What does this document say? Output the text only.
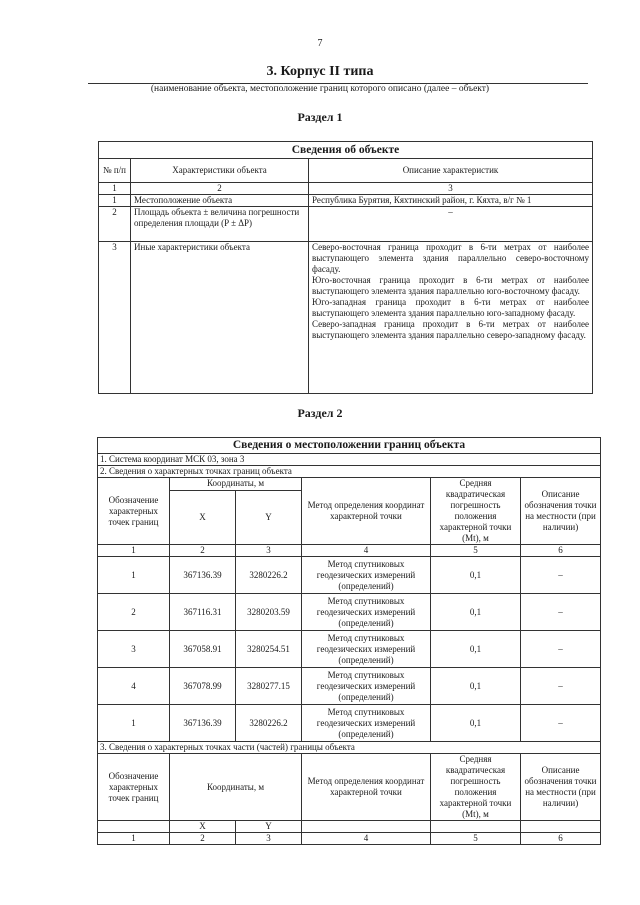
7
3. Корпус II типа
(наименование объекта, местоположение границ которого описано (далее – объект)
Раздел 1
Сведения об объекте		
№ п/п	Характеристики объекта	Описание характеристик
1	2	3
1	Местоположение объекта	Республика Бурятия, Кяхтинский район, г. Кяхта, в/г № 1
2	Площадь объекта ± величина погрешности определения площади (P ± ΔP)	–
3	Иные характеристики объекта	Северо-восточная граница проходит в 6-ти метрах от наиболее выступающего элемента здания параллельно северо-восточному фасаду.

Юго-восточная граница проходит в 6-ти метрах от наиболее выступающего элемента здания параллельно юго-восточному фасаду.

Юго-западная граница проходит в 6-ти метрах от наиболее выступающего элемента здания параллельно юго-западному фасаду.

Северо-западная граница проходит в 6-ти метрах от наиболее выступающего элемента здания параллельно северо-западному фасаду.

Раздел 2
Сведения о местоположении границ объекта					
1. Система координат МСК 03, зона 3					
2. Сведения о характерных точках границ объекта					
Обозначение характерных точек границ	Координаты, м		Метод определения координат характерной точки	Средняя квадратическая погрешность положения характерной точки (Mt), м	Описание обозначения точки на местности (при наличии)
	X	Y			
1	2	3	4	5	6
1	367136.39	3280226.2	Метод спутниковых геодезических измерений (определений)	0,1	–
2	367116.31	3280203.59	Метод спутниковых геодезических измерений (определений)	0,1	–
3	367058.91	3280254.51	Метод спутниковых геодезических измерений (определений)	0,1	–
4	367078.99	3280277.15	Метод спутниковых геодезических измерений (определений)	0,1	–
1	367136.39	3280226.2	Метод спутниковых геодезических измерений (определений)	0,1	–
3. Сведения о характерных точках части (частей) границы объекта					
Обозначение характерных точек границ	Координаты, м		Метод определения координат характерной точки	Средняя квадратическая погрешность положения характерной точки (Mt), м	Описание обозначения точки на местности (при наличии)
	X	Y			
1	2	3	4	5	6
